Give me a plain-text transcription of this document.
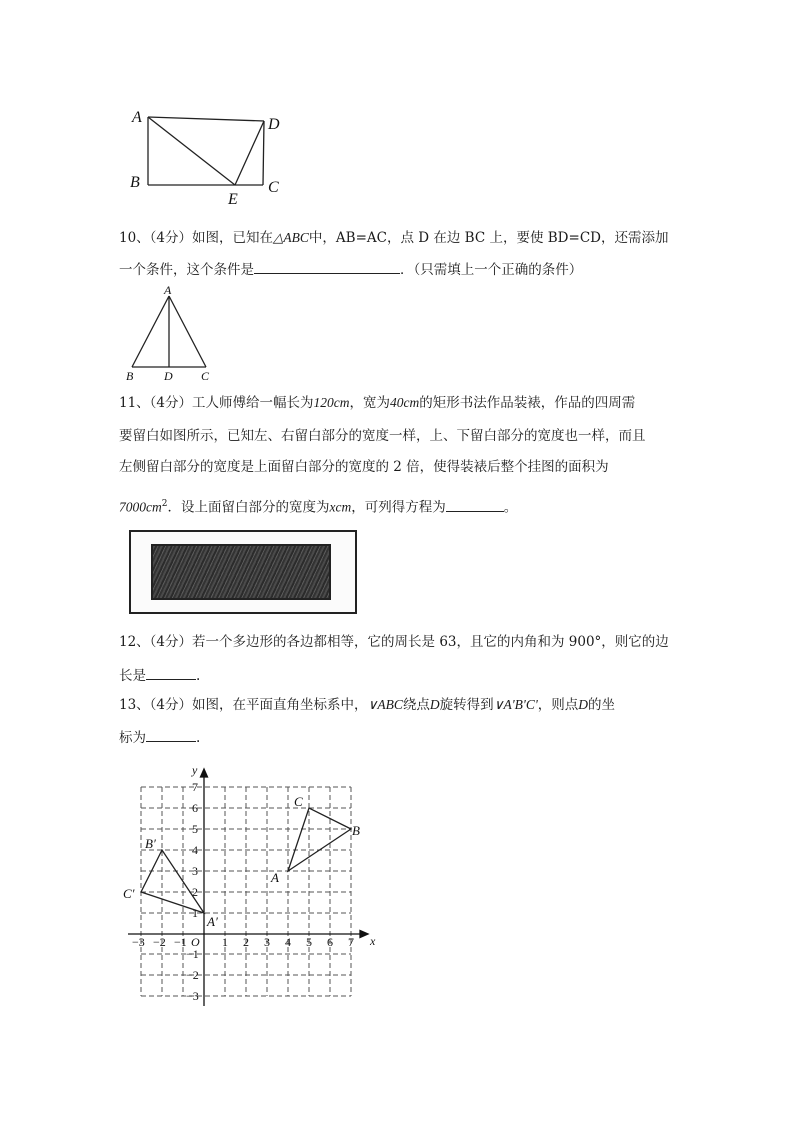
A	D
B	C
E
10、（4分）如图，已知在△ABC中，AB=AC，点 D 在边 BC 上，要使 BD=CD，还需添加
一个条件，这个条件是	．（只需填上一个正确的条件）
A
B	D C
11、（4分）工人师傅给一幅长为120cm，宽为40cm的矩形书法作品装裱，作品的四周需
要留白如图所示，已知左、右留白部分的宽度一样，上、下留白部分的宽度也一样，而且
左侧留白部分的宽度是上面留白部分的宽度的 2 倍，使得装裱后整个挂图的面积为
$7000cm^2$．设上面留白部分的宽度为xcm，可列得方程为	。
12、（4分）若一个多边形的各边都相等，它的周长是 63，且它的内角和为 900°，则它的边
长是	.
13、（4分）如图，在平面直角坐标系中，∨ABC绕点D旋转得到∨A'B'C'，则点D的坐
标为	.
x
y
O
−3 −2 −1	1 2 3 4 5 6 7
7
6
5
4
3
2
1
−1
−2
−3
A
B
C
A′
B′
C′
